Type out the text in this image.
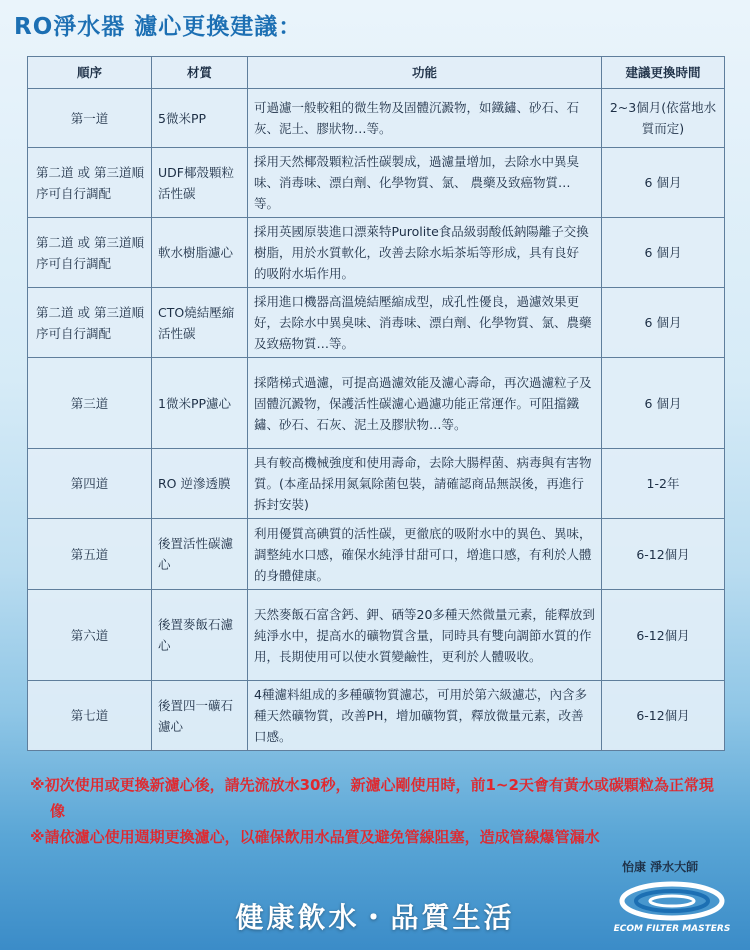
RO淨水器 濾心更換建議：
順序	材質	功能	建議更換時間
第一道	5微米PP	可過濾一般較粗的微生物及固體沉澱物，如鐵鏽、砂石、石灰、泥土、膠狀物…等。	2~3個月(依當地水質而定)
第二道 或 第三道順序可自行調配	UDF椰殼顆粒活性碳	採用天然椰殼顆粒活性碳製成，過濾量增加，去除水中異臭味、消毒味、漂白劑、化學物質、氯、 農藥及致癌物質…等。	6 個月
第二道 或 第三道順序可自行調配	軟水樹脂濾心	採用英國原裝進口漂萊特Purolite食品級弱酸低鈉陽離子交換樹脂，用於水質軟化，改善去除水垢茶垢等形成，具有良好 的吸附水垢作用。	6 個月
第二道 或 第三道順序可自行調配	CTO燒結壓縮活性碳	採用進口機器高溫燒結壓縮成型，成孔性優良，過濾效果更好，去除水中異臭味、消毒味、漂白劑、化學物質、氯、農藥及致癌物質…等。	6 個月
第三道	1微米PP濾心	採階梯式過濾，可提高過濾效能及濾心壽命，再次過濾粒子及固體沉澱物，保護活性碳濾心過濾功能正常運作。可阻擋鐵鏽、砂石、石灰、泥土及膠狀物…等。	6 個月
第四道	RO 逆滲透膜	具有較高機械強度和使用壽命，去除大腸桿菌、病毒與有害物質。(本產品採用氮氣除菌包裝，請確認商品無誤後，再進行拆封安裝)	1-2年
第五道	後置活性碳濾心	利用優質高碘質的活性碳，更徹底的吸附水中的異色、異味，調整純水口感，確保水純淨甘甜可口，增進口感，有利於人體的身體健康。	6-12個月
第六道	後置麥飯石濾心	天然麥飯石富含鈣、鉀、硒等20多種天然微量元素，能釋放到純淨水中，提高水的礦物質含量，同時具有雙向調節水質的作用，長期使用可以使水質變鹼性，更利於人體吸收。	6-12個月
第七道	後置四一礦石濾心	4種濾料組成的多種礦物質濾芯，可用於第六級濾芯，內含多種天然礦物質，改善PH，增加礦物質，釋放微量元素，改善口感。	6-12個月

※初次使用或更換新濾心後，請先流放水30秒，新濾心剛使用時，前1~2天會有黃水或碳顆粒為正常現像

※請依濾心使用週期更換濾心，以確保飲用水品質及避免管線阻塞，造成管線爆管漏水

怡康 淨水大師
健康飲水・品質生活	ECOM FILTER MASTERS
